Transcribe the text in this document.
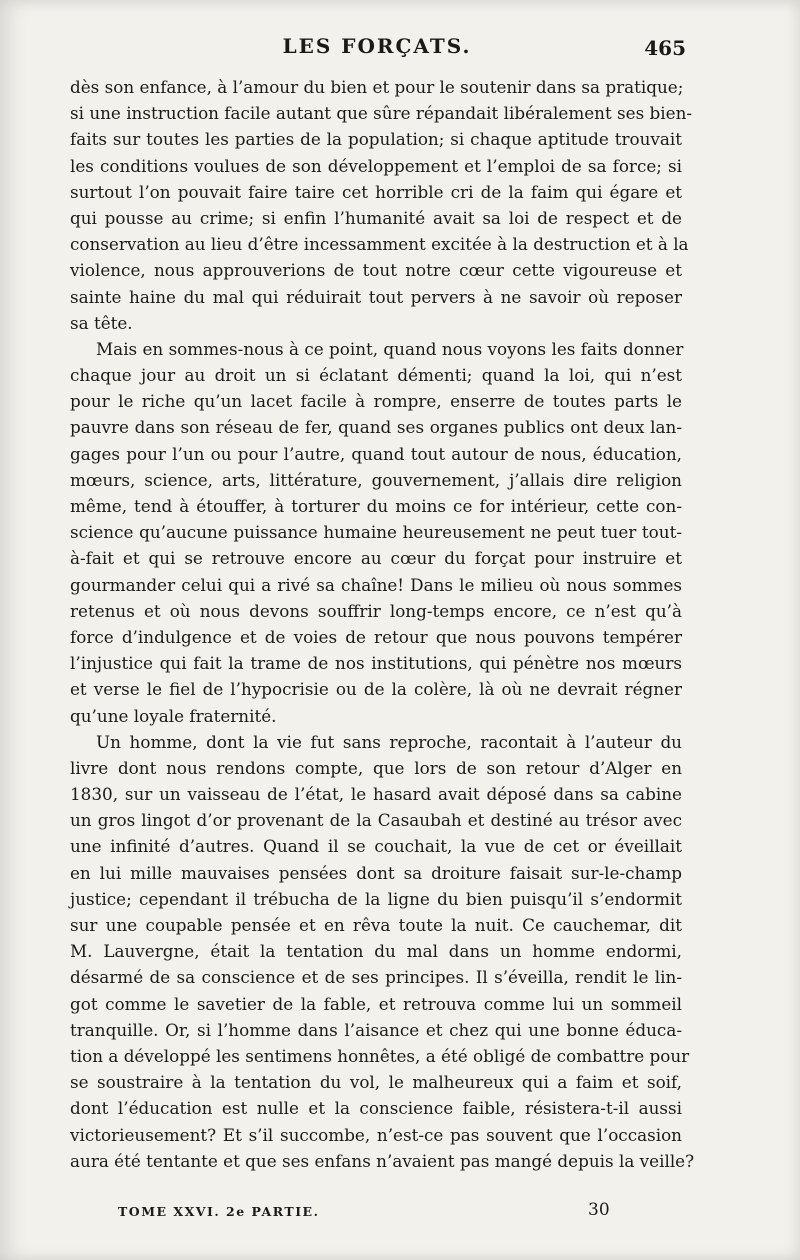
LES FORÇATS.	465
dès son enfance, à l’amour du bien et pour le soutenir dans sa pratique;
si une instruction facile autant que sûre répandait libéralement ses bien-
faits sur toutes les parties de la population; si chaque aptitude trouvait
les conditions voulues de son développement et l’emploi de sa force; si
surtout l’on pouvait faire taire cet horrible cri de la faim qui égare et
qui pousse au crime; si enfin l’humanité avait sa loi de respect et de
conservation au lieu d’être incessamment excitée à la destruction et à la
violence, nous approuverions de tout notre cœur cette vigoureuse et
sainte haine du mal qui réduirait tout pervers à ne savoir où reposer
sa tête.
Mais en sommes-nous à ce point, quand nous voyons les faits donner
chaque jour au droit un si éclatant démenti; quand la loi, qui n’est
pour le riche qu’un lacet facile à rompre, enserre de toutes parts le
pauvre dans son réseau de fer, quand ses organes publics ont deux lan-
gages pour l’un ou pour l’autre, quand tout autour de nous, éducation,
mœurs, science, arts, littérature, gouvernement, j’allais dire religion
même, tend à étouffer, à torturer du moins ce for intérieur, cette con-
science qu’aucune puissance humaine heureusement ne peut tuer tout-
à-fait et qui se retrouve encore au cœur du forçat pour instruire et
gourmander celui qui a rivé sa chaîne! Dans le milieu où nous sommes
retenus et où nous devons souffrir long-temps encore, ce n’est qu’à
force d’indulgence et de voies de retour que nous pouvons tempérer
l’injustice qui fait la trame de nos institutions, qui pénètre nos mœurs
et verse le fiel de l’hypocrisie ou de la colère, là où ne devrait régner
qu’une loyale fraternité.
Un homme, dont la vie fut sans reproche, racontait à l’auteur du
livre dont nous rendons compte, que lors de son retour d’Alger en
1830, sur un vaisseau de l’état, le hasard avait déposé dans sa cabine
un gros lingot d’or provenant de la Casaubah et destiné au trésor avec
une infinité d’autres. Quand il se couchait, la vue de cet or éveillait
en lui mille mauvaises pensées dont sa droiture faisait sur-le-champ
justice; cependant il trébucha de la ligne du bien puisqu’il s’endormit
sur une coupable pensée et en rêva toute la nuit. Ce cauchemar, dit
M. Lauvergne, était la tentation du mal dans un homme endormi,
désarmé de sa conscience et de ses principes. Il s’éveilla, rendit le lin-
got comme le savetier de la fable, et retrouva comme lui un sommeil
tranquille. Or, si l’homme dans l’aisance et chez qui une bonne éduca-
tion a développé les sentimens honnêtes, a été obligé de combattre pour
se soustraire à la tentation du vol, le malheureux qui a faim et soif,
dont l’éducation est nulle et la conscience faible, résistera-t-il aussi
victorieusement? Et s’il succombe, n’est-ce pas souvent que l’occasion
aura été tentante et que ses enfans n’avaient pas mangé depuis la veille?
TOME XXVI. 2e PARTIE.	30
